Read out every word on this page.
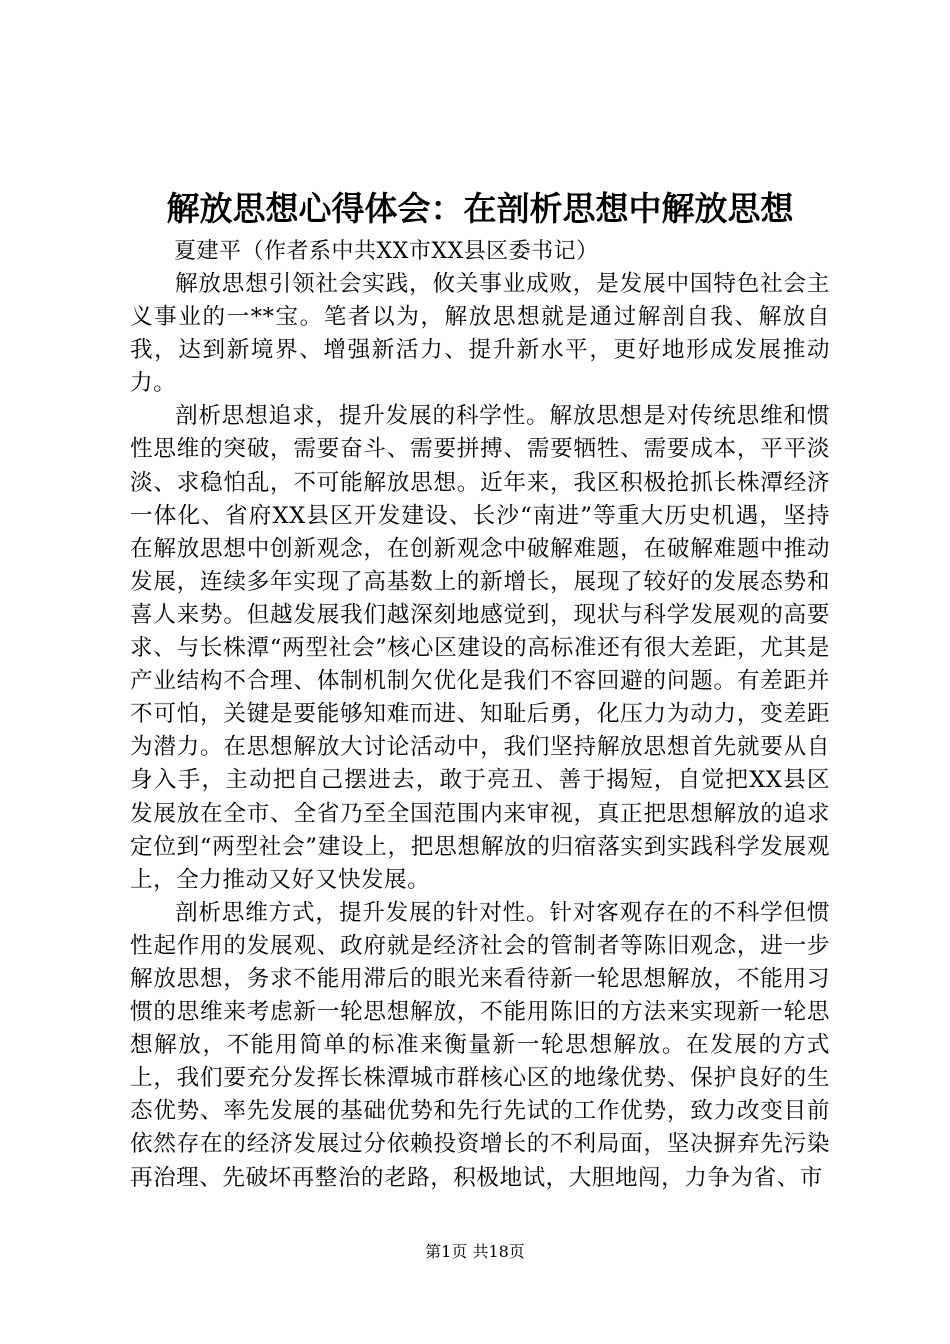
解放思想心得体会：在剖析思想中解放思想

夏建平（作者系中共XX市XX县区委书记）

解放思想引领社会实践，攸关事业成败，是发展中国特色社会主义事业的一**宝。笔者以为，解放思想就是通过解剖自我、解放自我，达到新境界、增强新活力、提升新水平，更好地形成发展推动力。

剖析思想追求，提升发展的科学性。解放思想是对传统思维和惯性思维的突破，需要奋斗、需要拼搏、需要牺牲、需要成本，平平淡淡、求稳怕乱，不可能解放思想。近年来，我区积极抢抓长株潭经济一体化、省府XX县区开发建设、长沙“南进”等重大历史机遇，坚持在解放思想中创新观念，在创新观念中破解难题，在破解难题中推动发展，连续多年实现了高基数上的新增长，展现了较好的发展态势和喜人来势。但越发展我们越深刻地感觉到，现状与科学发展观的高要求、与长株潭“两型社会”核心区建设的高标准还有很大差距，尤其是产业结构不合理、体制机制欠优化是我们不容回避的问题。有差距并不可怕，关键是要能够知难而进、知耻后勇，化压力为动力，变差距为潜力。在思想解放大讨论活动中，我们坚持解放思想首先就要从自身入手，主动把自己摆进去，敢于亮丑、善于揭短，自觉把XX县区发展放在全市、全省乃至全国范围内来审视，真正把思想解放的追求定位到“两型社会”建设上，把思想解放的归宿落实到实践科学发展观上，全力推动又好又快发展。

剖析思维方式，提升发展的针对性。针对客观存在的不科学但惯性起作用的发展观、政府就是经济社会的管制者等陈旧观念，进一步解放思想，务求不能用滞后的眼光来看待新一轮思想解放，不能用习惯的思维来考虑新一轮思想解放，不能用陈旧的方法来实现新一轮思想解放，不能用简单的标准来衡量新一轮思想解放。在发展的方式上，我们要充分发挥长株潭城市群核心区的地缘优势、保护良好的生态优势、率先发展的基础优势和先行先试的工作优势，致力改变目前依然存在的经济发展过分依赖投资增长的不利局面，坚决摒弃先污染再治理、先破坏再整治的老路，积极地试，大胆地闯，力争为省、市

第1页 共18页
